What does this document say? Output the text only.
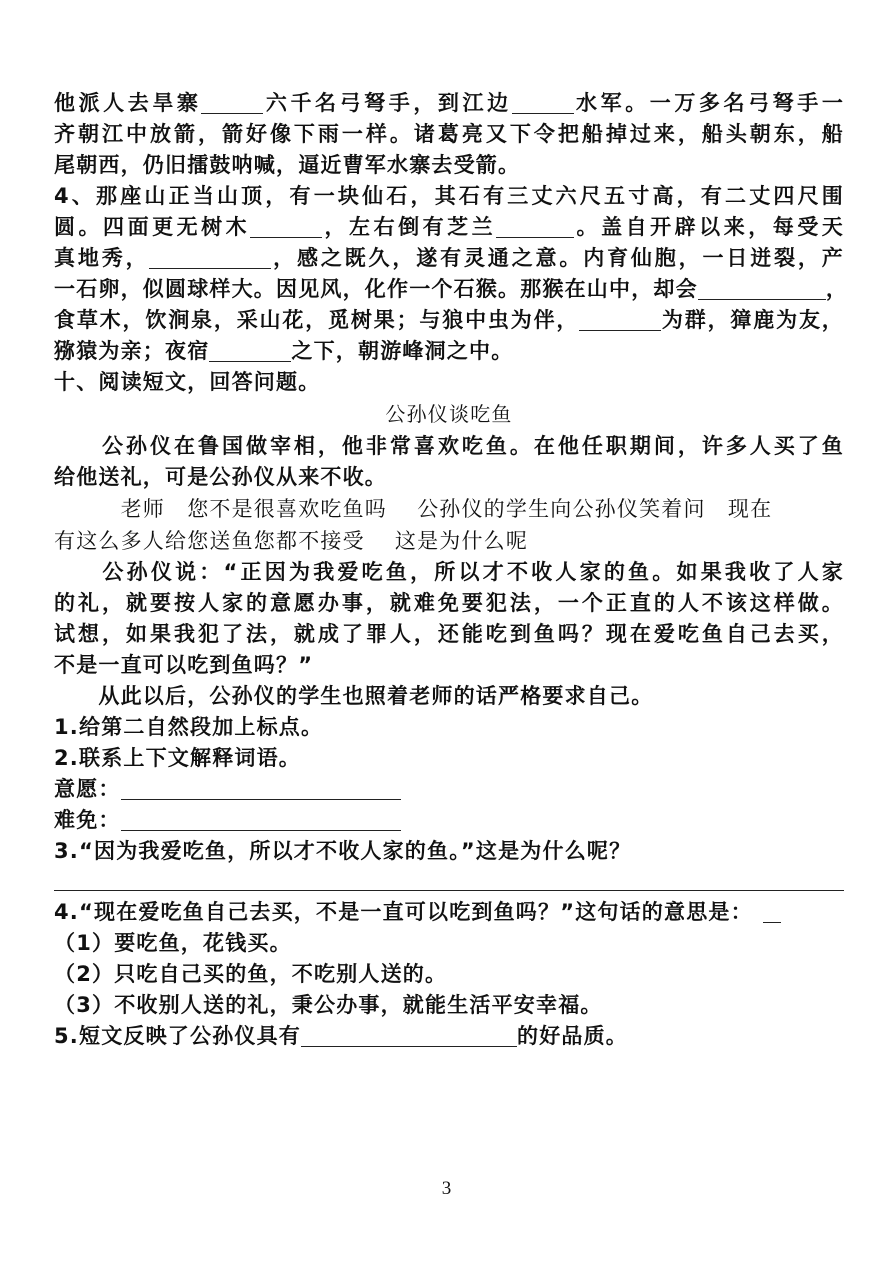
他派人去旱寨	六千名弓弩手，到江边	水军。一万多名弓弩手一
齐朝江中放箭，箭好像下雨一样。诸葛亮又下令把船掉过来，船头朝东，船
尾朝西，仍旧擂鼓呐喊，逼近曹军水寨去受箭。
4、那座山正当山顶，有一块仙石，其石有三丈六尺五寸高，有二丈四尺围
圆。四面更无树木	，左右倒有芝兰	。盖自开辟以来，每受天
真地秀，	，感之既久，遂有灵通之意。内育仙胞，一日迸裂，产
一石卵，似圆球样大。因见风，化作一个石猴。那猴在山中，却会	，
食草木，饮涧泉，采山花，觅树果；与狼中虫为伴，	为群，獐鹿为友，
猕猿为亲；夜宿	之下，朝游峰洞之中。
十、阅读短文，回答问题。
公孙仪谈吃鱼
　　公孙仪在鲁国做宰相，他非常喜欢吃鱼。在他任职期间，许多人买了鱼
给他送礼，可是公孙仪从来不收。
　　　老师　您不是很喜欢吃鱼吗　 公孙仪的学生向公孙仪笑着问　现在
有这么多人给您送鱼您都不接受　 这是为什么呢
　　公孙仪说：“正因为我爱吃鱼，所以才不收人家的鱼。如果我收了人家
的礼，就要按人家的意愿办事，就难免要犯法，一个正直的人不该这样做。
试想，如果我犯了法，就成了罪人，还能吃到鱼吗？现在爱吃鱼自己去买，
不是一直可以吃到鱼吗？”
　　从此以后，公孙仪的学生也照着老师的话严格要求自己。
1.给第二自然段加上标点。
2.联系上下文解释词语。
意愿：
难免：
3.“因为我爱吃鱼，所以才不收人家的鱼。”这是为什么呢？
4.“现在爱吃鱼自己去买，不是一直可以吃到鱼吗？”这句话的意思是：
（1）要吃鱼，花钱买。
（2）只吃自己买的鱼，不吃别人送的。
（3）不收别人送的礼，秉公办事，就能生活平安幸福。
5.短文反映了公孙仪具有	的好品质。
3
